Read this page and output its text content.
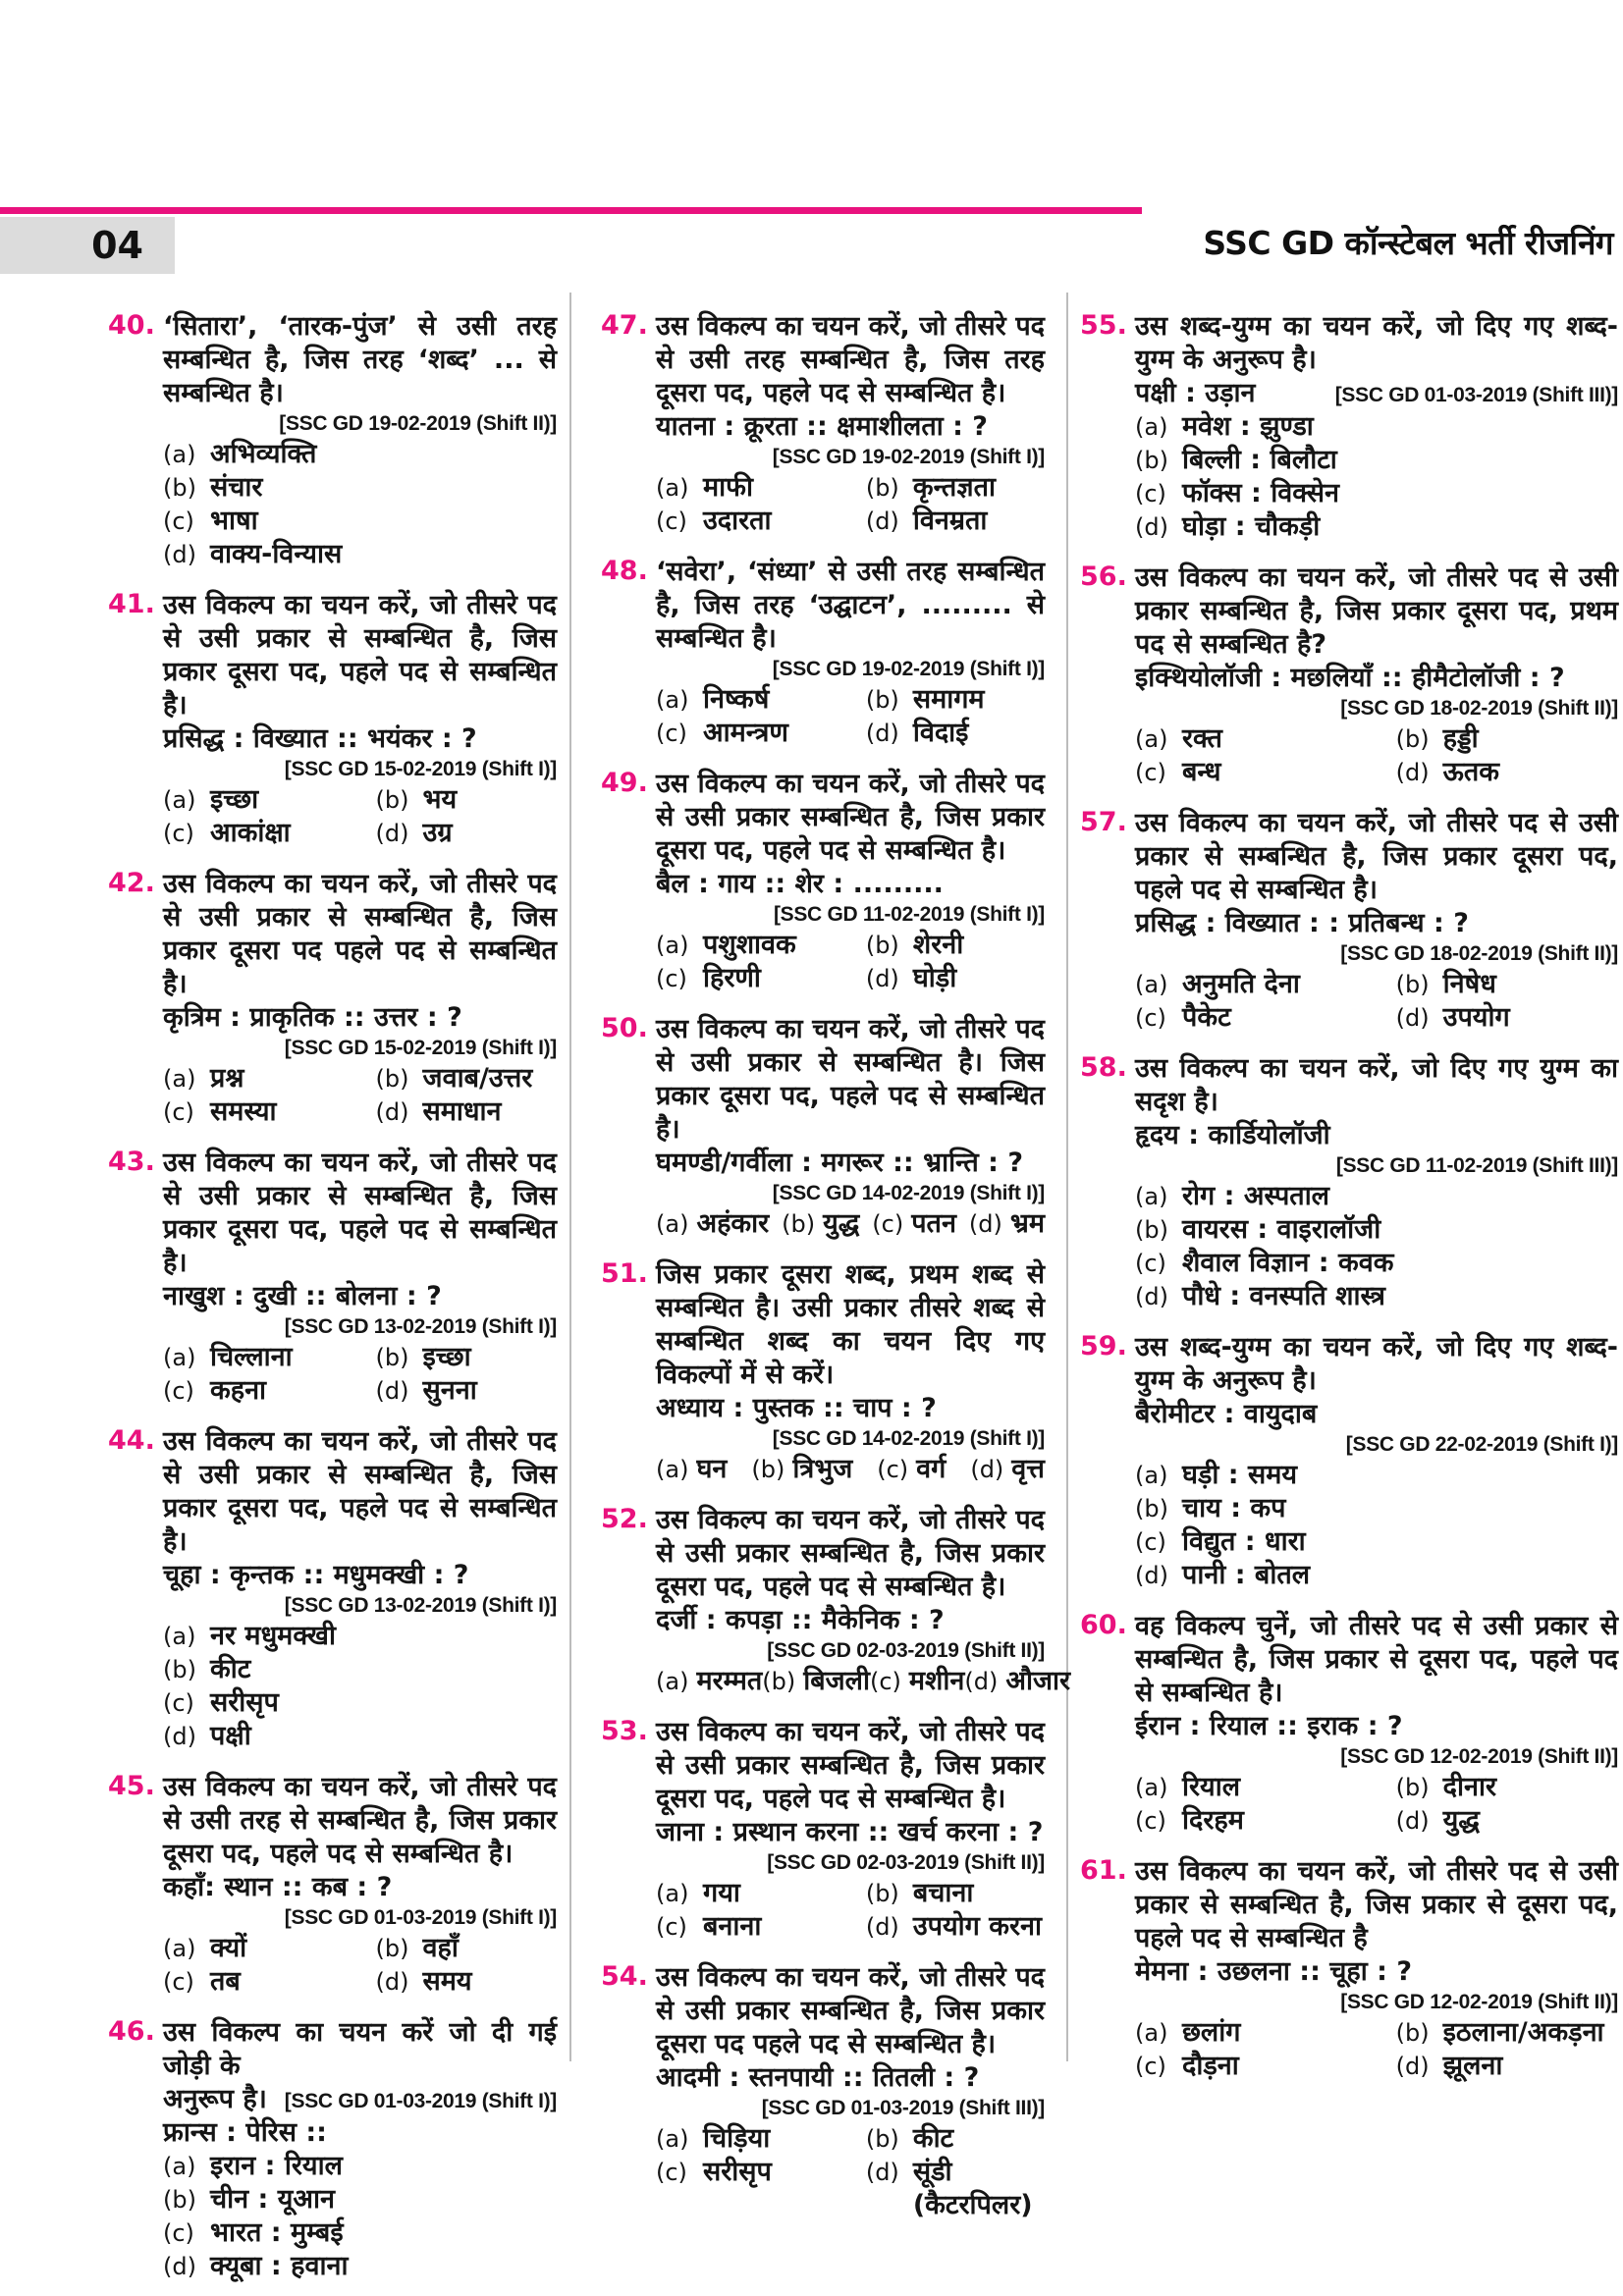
04	SSC GD कॉन्स्टेबल भर्ती रीजनिंग
40. ‘सितारा’, ‘तारक-पुंज’ से उसी तरह सम्बन्धित है, जिस तरह ‘शब्द’ ... से सम्बन्धित है।
[SSC GD 19-02-2019 (Shift II)]
(a) अभिव्यक्ति
(b) संचार
(c) भाषा
(d) वाक्य-विन्यास
41. उस विकल्प का चयन करें, जो तीसरे पद से उसी प्रकार से सम्बन्धित है, जिस प्रकार दूसरा पद, पहले पद से सम्बन्धित है।
प्रसिद्ध : विख्यात :: भयंकर : ?
[SSC GD 15-02-2019 (Shift I)]
(a) इच्छा	(b) भय
(c) आकांक्षा	(d) उग्र
42. उस विकल्प का चयन करें, जो तीसरे पद से उसी प्रकार से सम्बन्धित है, जिस प्रकार दूसरा पद पहले पद से सम्बन्धित है।
कृत्रिम : प्राकृतिक :: उत्तर : ?
[SSC GD 15-02-2019 (Shift I)]
(a) प्रश्न	(b) जवाब/उत्तर
(c) समस्या	(d) समाधान
43. उस विकल्प का चयन करें, जो तीसरे पद से उसी प्रकार से सम्बन्धित है, जिस प्रकार दूसरा पद, पहले पद से सम्बन्धित है।
नाखुश : दुखी :: बोलना : ?
[SSC GD 13-02-2019 (Shift I)]
(a) चिल्लाना	(b) इच्छा
(c) कहना	(d) सुनना
44. उस विकल्प का चयन करें, जो तीसरे पद से उसी प्रकार से सम्बन्धित है, जिस प्रकार दूसरा पद, पहले पद से सम्बन्धित है।
चूहा : कृन्तक :: मधुमक्खी : ?
[SSC GD 13-02-2019 (Shift I)]
(a) नर मधुमक्खी
(b) कीट
(c) सरीसृप
(d) पक्षी
45. उस विकल्प का चयन करें, जो तीसरे पद से उसी तरह से सम्बन्धित है, जिस प्रकार दूसरा पद, पहले पद से सम्बन्धित है।
कहाँ: स्थान :: कब : ?
[SSC GD 01-03-2019 (Shift I)]
(a) क्यों	(b) वहाँ
(c) तब	(d) समय
46. उस विकल्प का चयन करें जो दी गई जोड़ी के
अनुरूप है। [SSC GD 01-03-2019 (Shift I)]
फ्रान्स : पेरिस ::
(a) इरान : रियाल
(b) चीन : यूआन
(c) भारत : मुम्बई
(d) क्यूबा : हवाना
47. उस विकल्प का चयन करें, जो तीसरे पद से उसी तरह सम्बन्धित है, जिस तरह दूसरा पद, पहले पद से सम्बन्धित है।
यातना : क्रूरता :: क्षमाशीलता : ?
[SSC GD 19-02-2019 (Shift I)]
(a) माफी	(b) कृन्तज्ञता
(c) उदारता	(d) विनम्रता
48. ‘सवेरा’, ‘संध्या’ से उसी तरह सम्बन्धित है, जिस तरह ‘उद्घाटन’, ......... से सम्बन्धित है।
[SSC GD 19-02-2019 (Shift I)]
(a) निष्कर्ष	(b) समागम
(c) आमन्त्रण	(d) विदाई
49. उस विकल्प का चयन करें, जो तीसरे पद से उसी प्रकार सम्बन्धित है, जिस प्रकार दूसरा पद, पहले पद से सम्बन्धित है।
बैल : गाय :: शेर : .........
[SSC GD 11-02-2019 (Shift I)]
(a) पशुशावक	(b) शेरनी
(c) हिरणी	(d) घोड़ी
50. उस विकल्प का चयन करें, जो तीसरे पद से उसी प्रकार से सम्बन्धित है। जिस प्रकार दूसरा पद, पहले पद से सम्बन्धित है।
घमण्डी/गर्वीला : मगरूर :: भ्रान्ति : ?
[SSC GD 14-02-2019 (Shift I)]
(a) अहंकार (b) युद्ध (c) पतन (d) भ्रम
51. जिस प्रकार दूसरा शब्द, प्रथम शब्द से सम्बन्धित है। उसी प्रकार तीसरे शब्द से सम्बन्धित शब्द का चयन दिए गए विकल्पों में से करें।
अध्याय : पुस्तक :: चाप : ?
[SSC GD 14-02-2019 (Shift I)]
(a) घन (b) त्रिभुज (c) वर्ग (d) वृत्त
52. उस विकल्प का चयन करें, जो तीसरे पद से उसी प्रकार सम्बन्धित है, जिस प्रकार दूसरा पद, पहले पद से सम्बन्धित है।
दर्जी : कपड़ा :: मैकेनिक : ?
[SSC GD 02-03-2019 (Shift II)]
(a) मरम्मत (b) बिजली (c) मशीन (d) औजार
53. उस विकल्प का चयन करें, जो तीसरे पद से उसी प्रकार सम्बन्धित है, जिस प्रकार दूसरा पद, पहले पद से सम्बन्धित है।
जाना : प्रस्थान करना :: खर्च करना : ?
[SSC GD 02-03-2019 (Shift II)]
(a) गया	(b) बचाना
(c) बनाना	(d) उपयोग करना
54. उस विकल्प का चयन करें, जो तीसरे पद से उसी प्रकार सम्बन्धित है, जिस प्रकार दूसरा पद पहले पद से सम्बन्धित है।
आदमी : स्तनपायी :: तितली : ?
[SSC GD 01-03-2019 (Shift III)]
(a) चिड़िया	(b) कीट
(c) सरीसृप	(d) सूंडी (कैटरपिलर)
55. उस शब्द-युग्म का चयन करें, जो दिए गए शब्द-युग्म के अनुरूप है।
पक्षी : उड़ान	[SSC GD 01-03-2019 (Shift III)]
(a) मवेश : झुण्डा
(b) बिल्ली : बिलौटा
(c) फॉक्स : विक्सेन
(d) घोड़ा : चौकड़ी
56. उस विकल्प का चयन करें, जो तीसरे पद से उसी प्रकार सम्बन्धित है, जिस प्रकार दूसरा पद, प्रथम पद से सम्बन्धित है?
इक्थियोलॉजी : मछलियाँ :: हीमैटोलॉजी : ?
[SSC GD 18-02-2019 (Shift II)]
(a) रक्त	(b) हड्डी
(c) बन्ध	(d) ऊतक
57. उस विकल्प का चयन करें, जो तीसरे पद से उसी प्रकार से सम्बन्धित है, जिस प्रकार दूसरा पद, पहले पद से सम्बन्धित है।
प्रसिद्ध : विख्यात : : प्रतिबन्ध : ?
[SSC GD 18-02-2019 (Shift II)]
(a) अनुमति देना	(b) निषेध
(c) पैकेट	(d) उपयोग
58. उस विकल्प का चयन करें, जो दिए गए युग्म का सदृश है।
हृदय : कार्डियोलॉजी
[SSC GD 11-02-2019 (Shift III)]
(a) रोग : अस्पताल
(b) वायरस : वाइरालॉजी
(c) शैवाल विज्ञान : कवक
(d) पौधे : वनस्पति शास्त्र
59. उस शब्द-युग्म का चयन करें, जो दिए गए शब्द-युग्म के अनुरूप है।
बैरोमीटर : वायुदाब
[SSC GD 22-02-2019 (Shift I)]
(a) घड़ी : समय
(b) चाय : कप
(c) विद्युत : धारा
(d) पानी : बोतल
60. वह विकल्प चुनें, जो तीसरे पद से उसी प्रकार से सम्बन्धित है, जिस प्रकार से दूसरा पद, पहले पद से सम्बन्धित है।
ईरान : रियाल :: इराक : ?
[SSC GD 12-02-2019 (Shift II)]
(a) रियाल	(b) दीनार
(c) दिरहम	(d) युद्ध
61. उस विकल्प का चयन करें, जो तीसरे पद से उसी प्रकार से सम्बन्धित है, जिस प्रकार से दूसरा पद, पहले पद से सम्बन्धित है
मेमना : उछलना :: चूहा : ?
[SSC GD 12-02-2019 (Shift II)]
(a) छलांग	(b) इठलाना/अकड़ना
(c) दौड़ना	(d) झूलना
